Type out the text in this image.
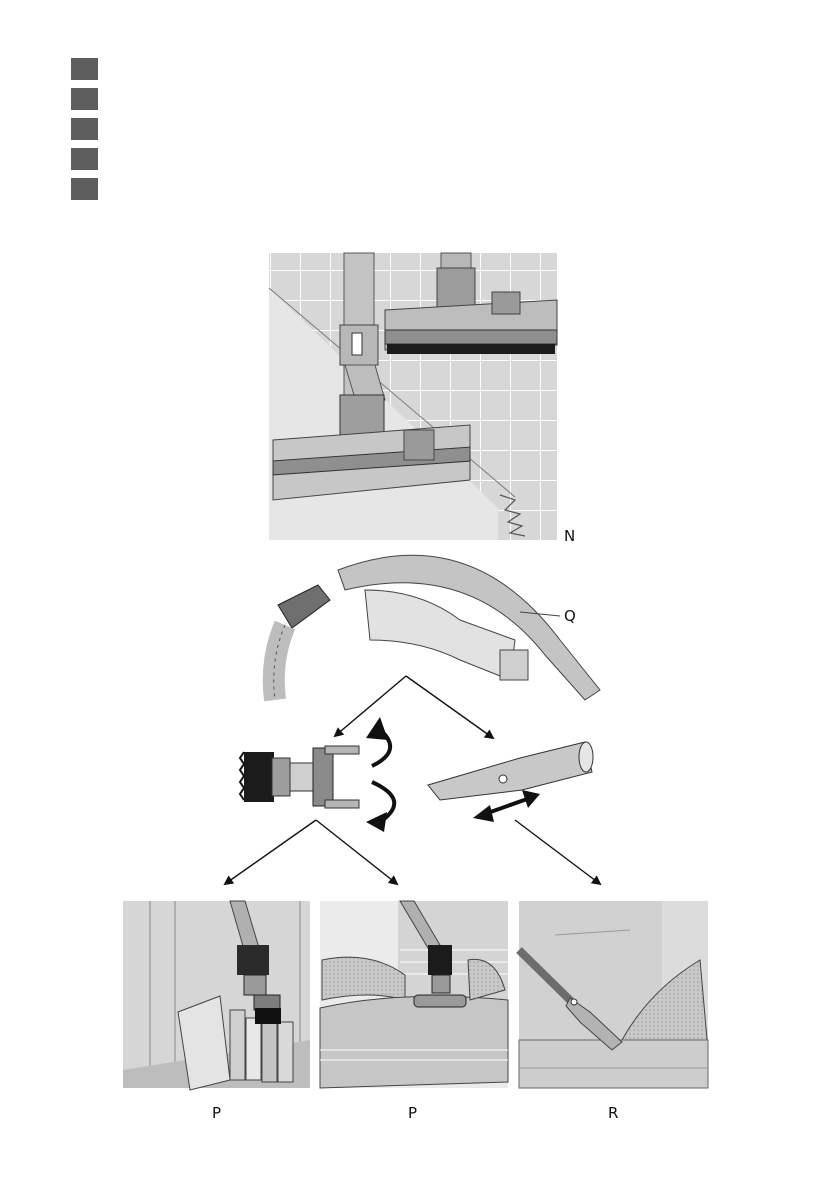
N
Q
P	P	R
